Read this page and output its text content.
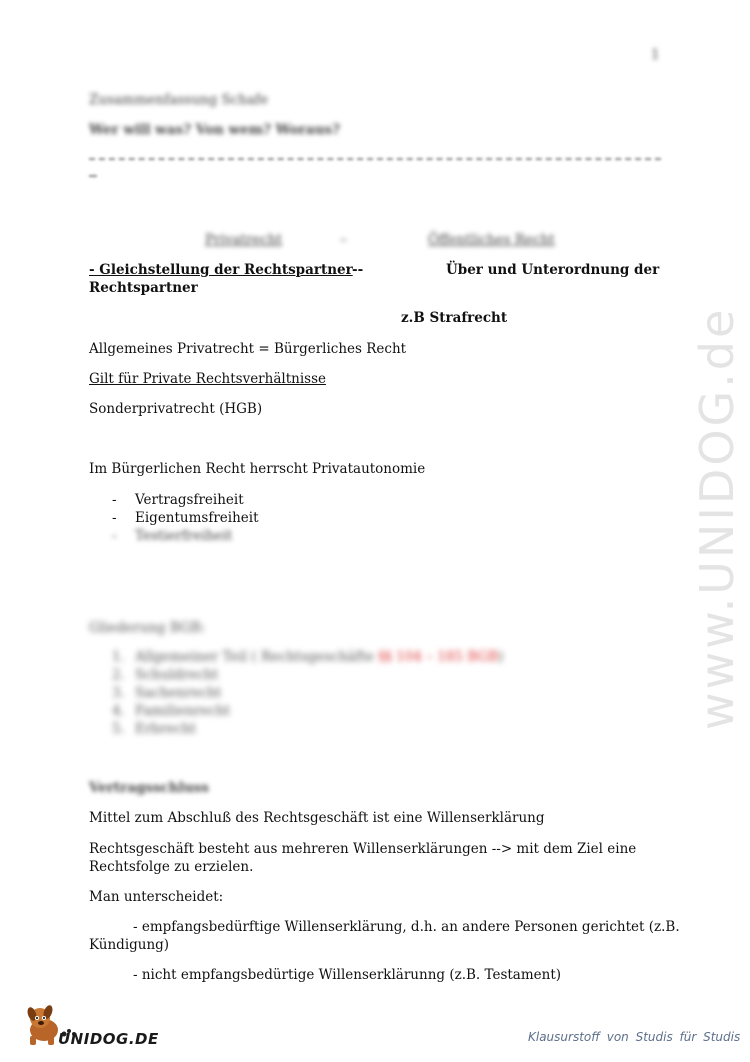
1
Zusammenfassung Schafe
Wer will was? Von wem? Woraus?
Privatrecht	–	Öffentliches Recht
- Gleichstellung der Rechtspartner --	Über und Unterordnung der
Rechtspartner
z.B Strafrecht
Allgemeines Privatrecht = Bürgerliches Recht
Gilt für Private Rechtsverhältnisse
Sonderprivatrecht (HGB)
Im Bürgerlichen Recht herrscht Privatautonomie
- Vertragsfreiheit
- Eigentumsfreiheit
- Testierfreiheit
Gliederung BGB:
1. Allgemeiner Teil ( Rechtsgeschäfte §§ 104 – 185 BGB)
2. Schuldrecht
3. Sachenrecht
4. Familienrecht
5. Erbrecht
Vertragsschluss
Mittel zum Abschluß des Rechtsgeschäft ist eine Willenserklärung
Rechtsgeschäft besteht aus mehreren Willenserklärungen --> mit dem Ziel eine
Rechtsfolge zu erzielen.
Man unterscheidet:
- empfangsbedürftige Willenserklärung, d.h. an andere Personen gerichtet (z.B.
Kündigung)
- nicht empfangsbedürtige Willenserklärunng (z.B. Testament)
www.UNIDOG.de
UNIDOG.DE	Klausurstoff von Studis für Studis
